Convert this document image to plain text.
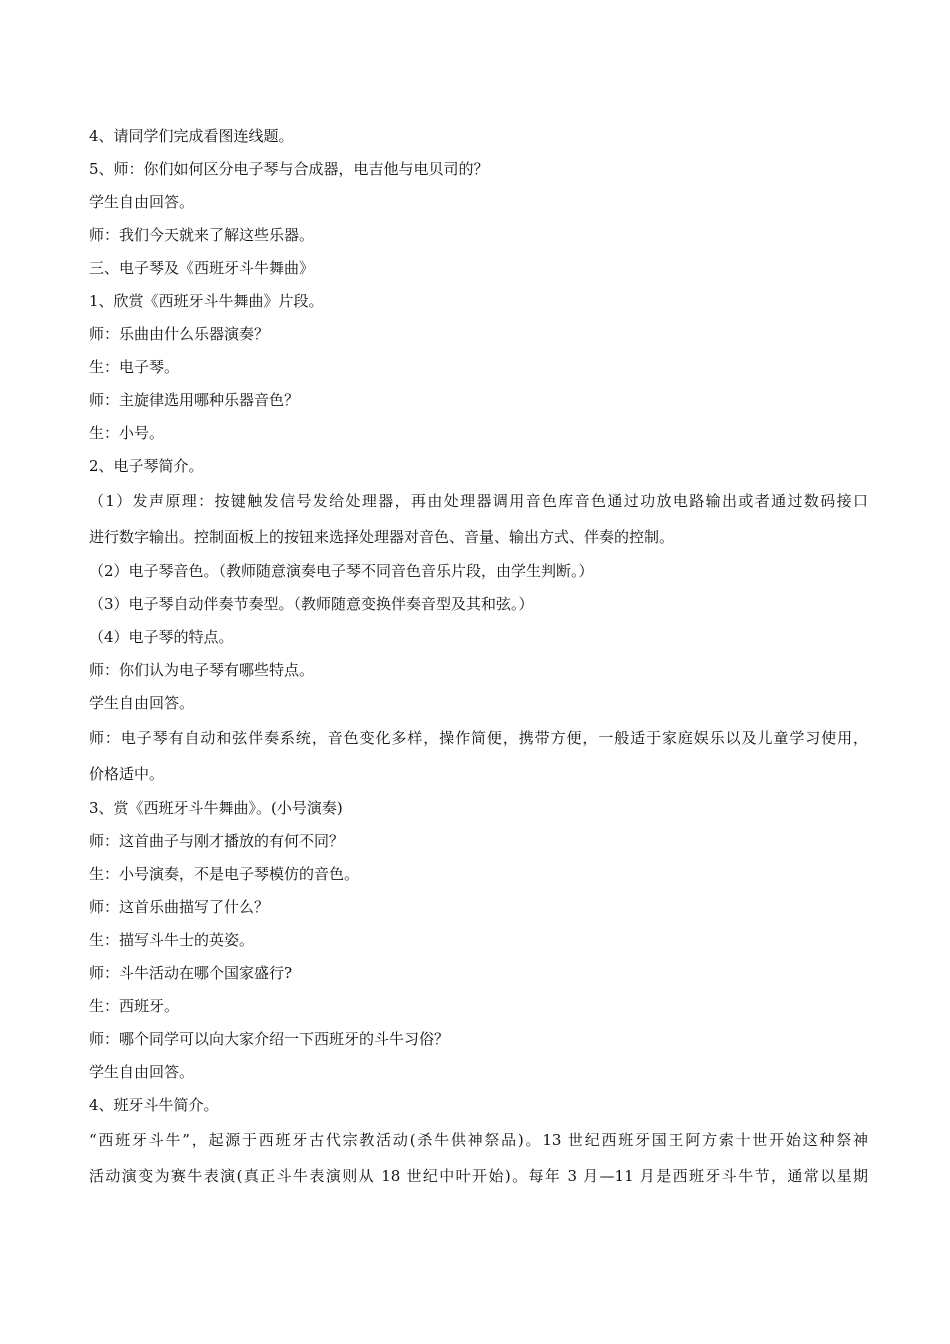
4、请同学们完成看图连线题。
5、师：你们如何区分电子琴与合成器，电吉他与电贝司的？
学生自由回答。
师：我们今天就来了解这些乐器。
三、电子琴及《西班牙斗牛舞曲》
1、欣赏《西班牙斗牛舞曲》片段。
师：乐曲由什么乐器演奏？
生：电子琴。
师：主旋律选用哪种乐器音色？
生：小号。
2、电子琴简介。
（1）发声原理：按键触发信号发给处理器，再由处理器调用音色库音色通过功放电路输出或者通过数码接口
进行数字输出。控制面板上的按钮来选择处理器对音色、音量、输出方式、伴奏的控制。
（2）电子琴音色。（教师随意演奏电子琴不同音色音乐片段，由学生判断。）
（3）电子琴自动伴奏节奏型。（教师随意变换伴奏音型及其和弦。）
（4）电子琴的特点。
师：你们认为电子琴有哪些特点。
学生自由回答。
师：电子琴有自动和弦伴奏系统，音色变化多样，操作简便，携带方便，一般适于家庭娱乐以及儿童学习使用，
价格适中。
3、赏《西班牙斗牛舞曲》。(小号演奏)
师：这首曲子与刚才播放的有何不同？
生：小号演奏，不是电子琴模仿的音色。
师：这首乐曲描写了什么？
生：描写斗牛士的英姿。
师：斗牛活动在哪个国家盛行?
生：西班牙。
师：哪个同学可以向大家介绍一下西班牙的斗牛习俗？
学生自由回答。
4、班牙斗牛简介。
“西班牙斗牛”，起源于西班牙古代宗教活动(杀牛供神祭品)。13 世纪西班牙国王阿方索十世开始这种祭神
活动演变为赛牛表演(真正斗牛表演则从 18 世纪中叶开始)。每年 3 月—11 月是西班牙斗牛节，通常以星期
